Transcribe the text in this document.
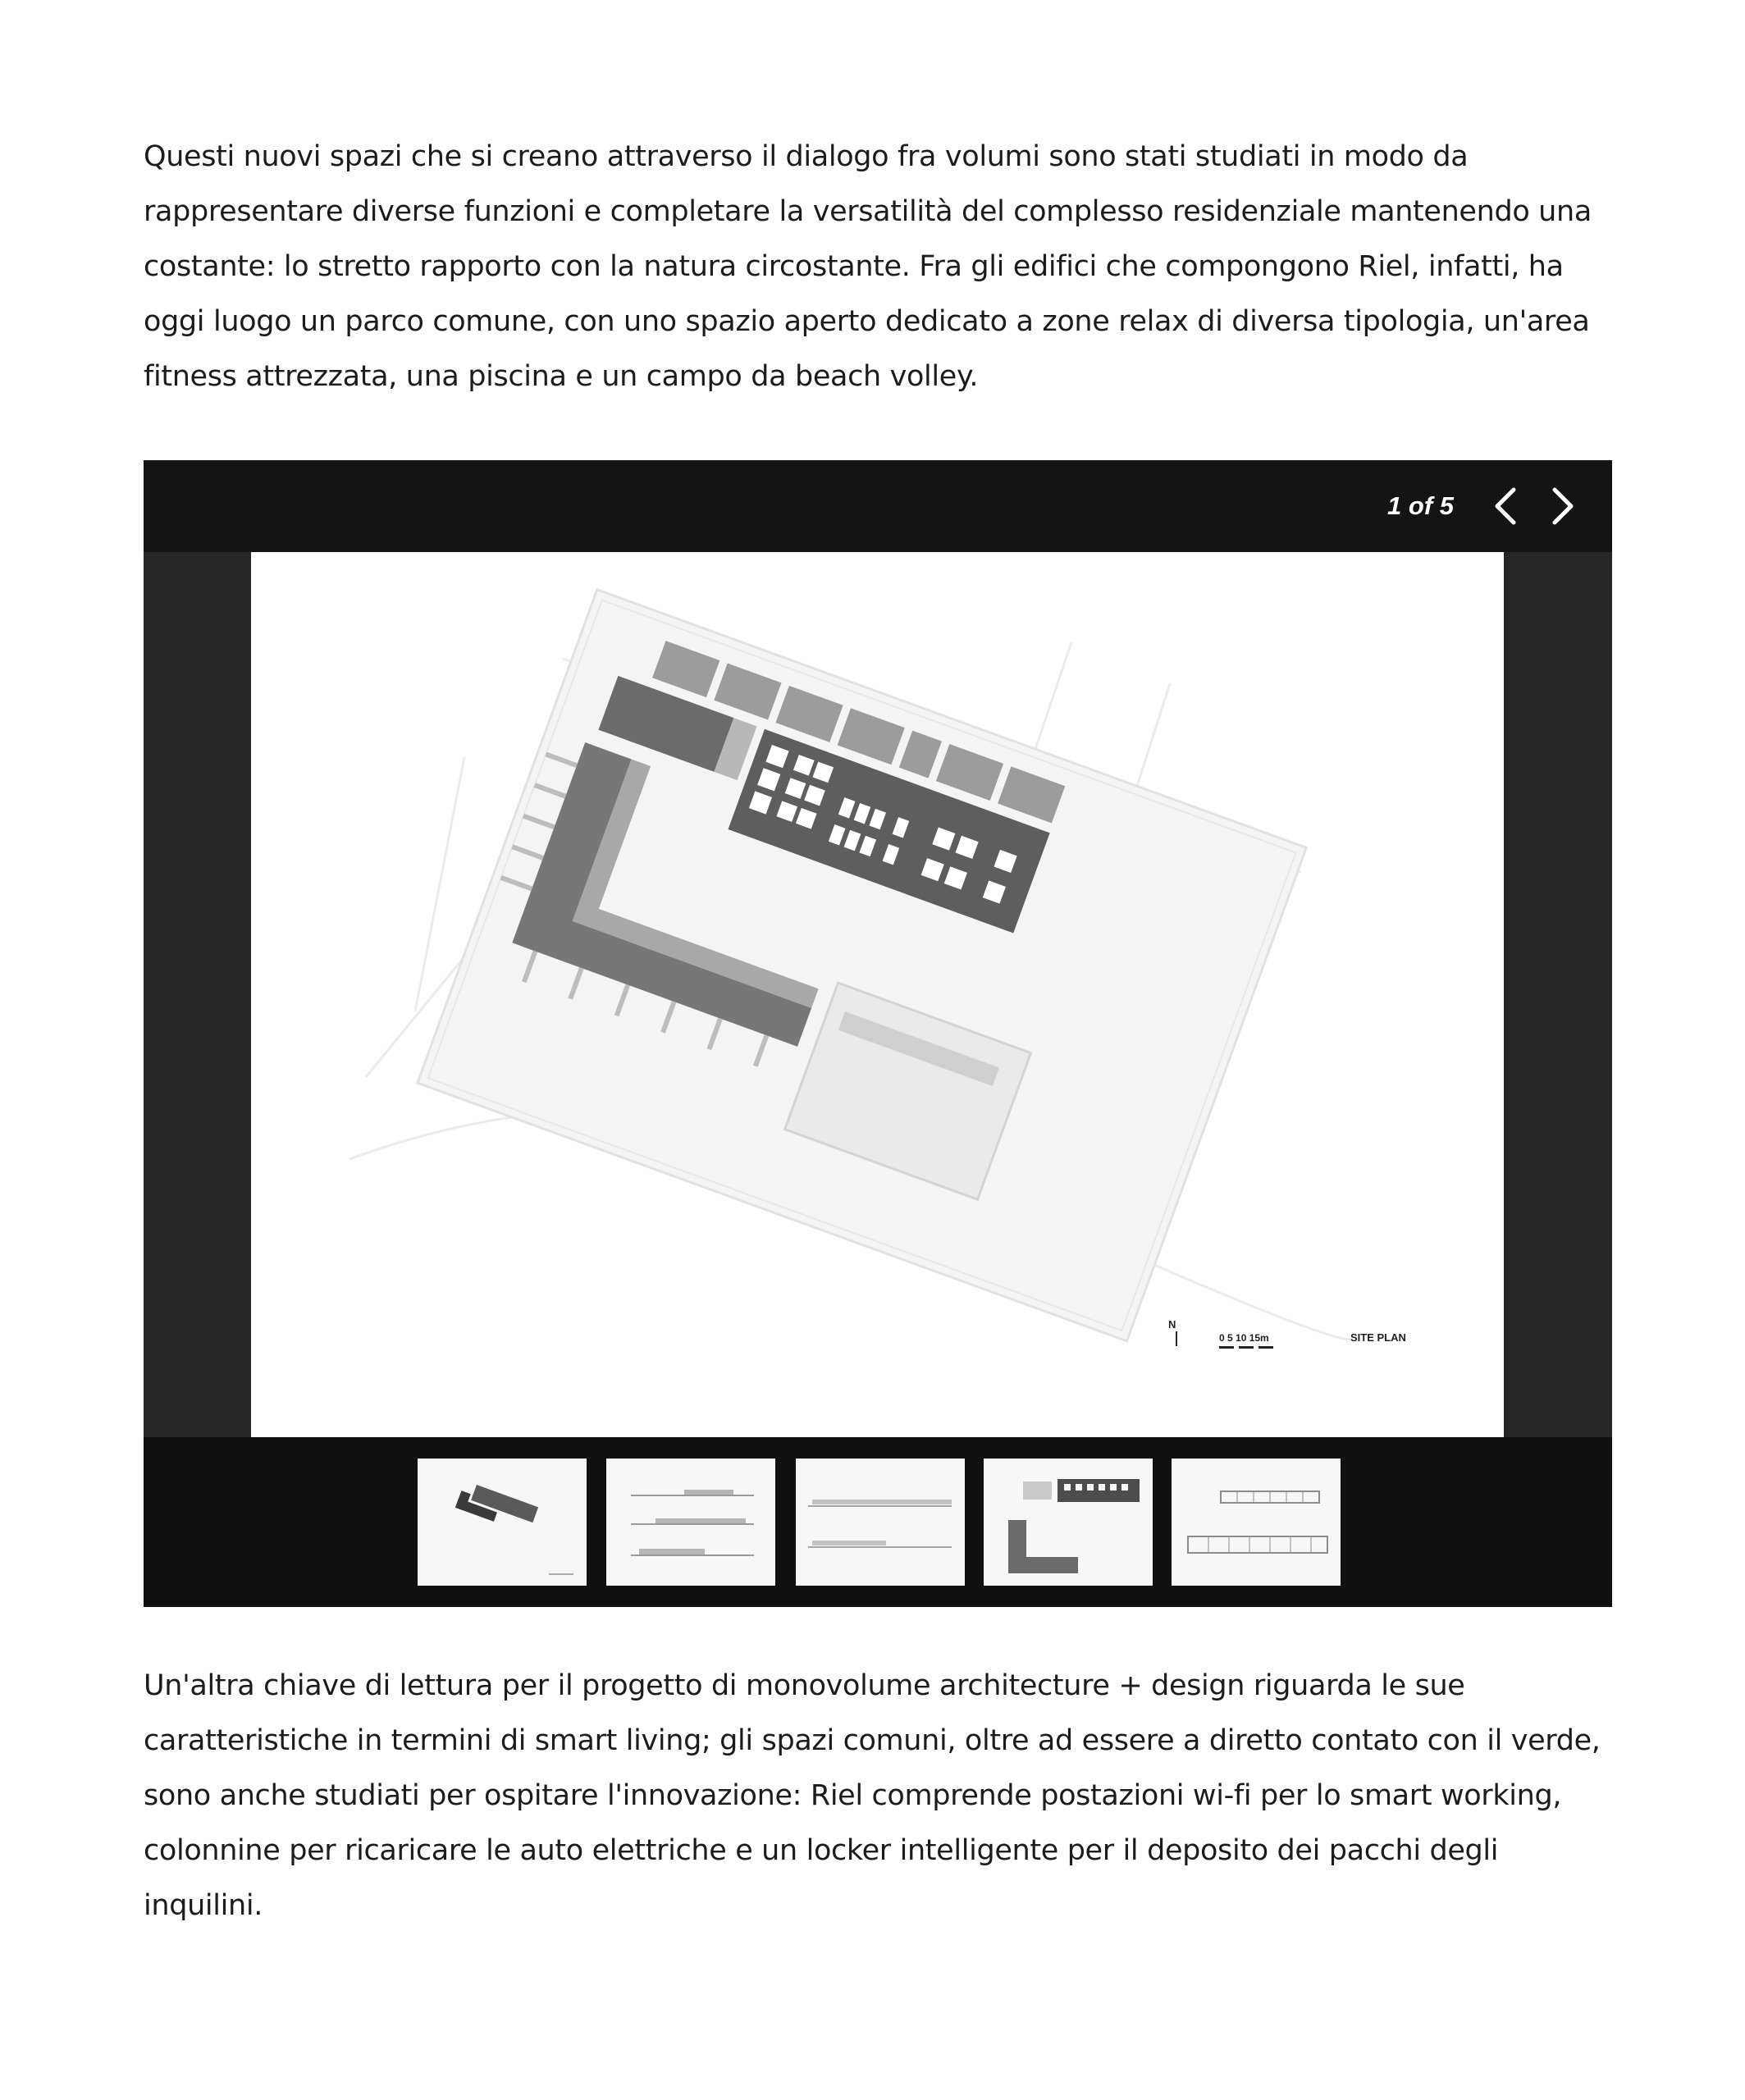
Questi nuovi spazi che si creano attraverso il dialogo fra volumi sono stati studiati in modo da rappresentare diverse funzioni e completare la versatilità del complesso residenziale mantenendo una costante: lo stretto rapporto con la natura circostante. Fra gli edifici che compongono Riel, infatti, ha oggi luogo un parco comune, con uno spazio aperto dedicato a zone relax di diversa tipologia, un'area fitness attrezzata, una piscina e un campo da beach volley.

1 of 5
N
0 5 10 15m	SITE PLAN

Un'altra chiave di lettura per il progetto di monovolume architecture + design riguarda le sue caratteristiche in termini di smart living; gli spazi comuni, oltre ad essere a diretto contato con il verde, sono anche studiati per ospitare l'innovazione: Riel comprende postazioni wi-fi per lo smart working, colonnine per ricaricare le auto elettriche e un locker intelligente per il deposito dei pacchi degli inquilini.
